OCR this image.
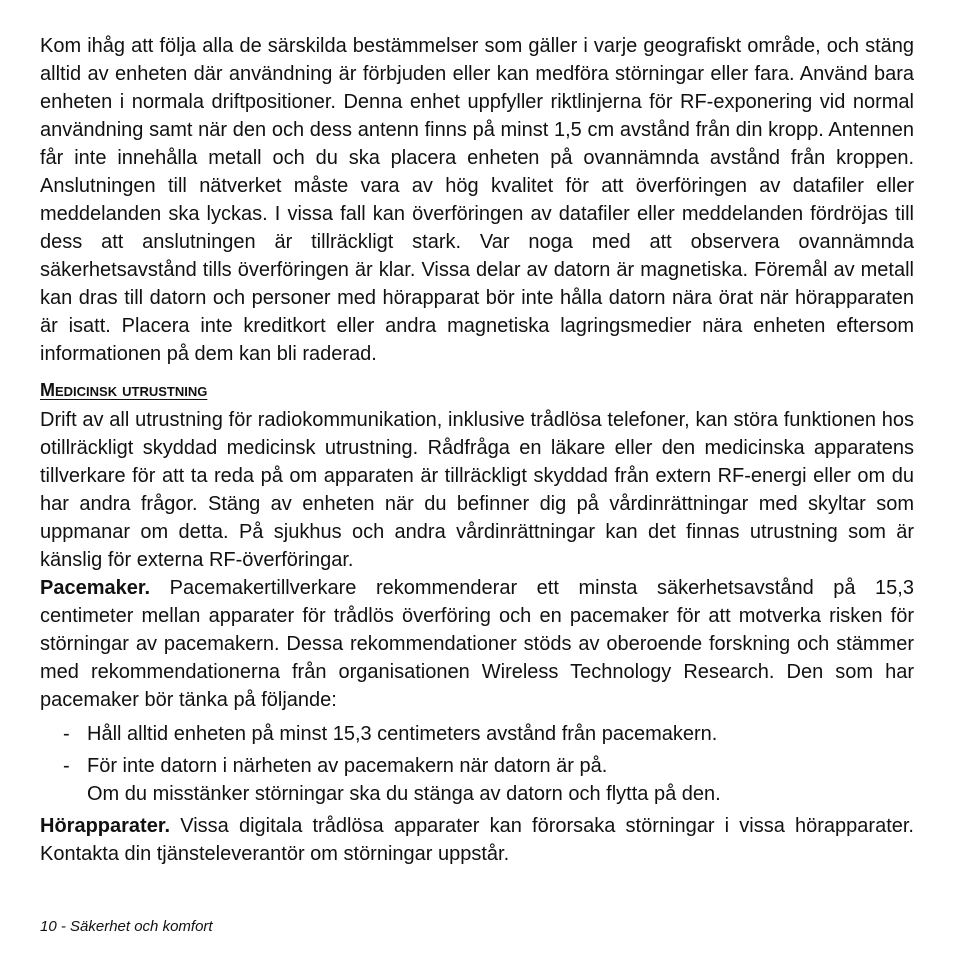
Kom ihåg att följa alla de särskilda bestämmelser som gäller i varje geografiskt område, och stäng alltid av enheten där användning är förbjuden eller kan medföra störningar eller fara. Använd bara enheten i normala driftpositioner. Denna enhet uppfyller riktlinjerna för RF-exponering vid normal användning samt när den och dess antenn finns på minst 1,5 cm avstånd från din kropp. Antennen får inte innehålla metall och du ska placera enheten på ovannämnda avstånd från kroppen. Anslutningen till nätverket måste vara av hög kvalitet för att överföringen av datafiler eller meddelanden ska lyckas. I vissa fall kan överföringen av datafiler eller meddelanden fördröjas till dess att anslutningen är tillräckligt stark. Var noga med att observera ovannämnda säkerhetsavstånd tills överföringen är klar. Vissa delar av datorn är magnetiska. Föremål av metall kan dras till datorn och personer med hörapparat bör inte hålla datorn nära örat när hörapparaten är isatt. Placera inte kreditkort eller andra magnetiska lagringsmedier nära enheten eftersom informationen på dem kan bli raderad.

Medicinsk utrustning

Drift av all utrustning för radiokommunikation, inklusive trådlösa telefoner, kan störa funktionen hos otillräckligt skyddad medicinsk utrustning. Rådfråga en läkare eller den medicinska apparatens tillverkare för att ta reda på om apparaten är tillräckligt skyddad från extern RF-energi eller om du har andra frågor. Stäng av enheten när du befinner dig på vårdinrättningar med skyltar som uppmanar om detta. På sjukhus och andra vårdinrättningar kan det finnas utrustning som är känslig för externa RF-överföringar.

Pacemaker. Pacemakertillverkare rekommenderar ett minsta säkerhetsavstånd på 15,3 centimeter mellan apparater för trådlös överföring och en pacemaker för att motverka risken för störningar av pacemakern. Dessa rekommendationer stöds av oberoende forskning och stämmer med rekommendationerna från organisationen Wireless Technology Research. Den som har pacemaker bör tänka på följande:

- Håll alltid enheten på minst 15,3 centimeters avstånd från pacemakern.
- För inte datorn i närheten av pacemakern när datorn är på.
Om du misstänker störningar ska du stänga av datorn och flytta på den.

Hörapparater. Vissa digitala trådlösa apparater kan förorsaka störningar i vissa hörapparater. Kontakta din tjänsteleverantör om störningar uppstår.

10 - Säkerhet och komfort
